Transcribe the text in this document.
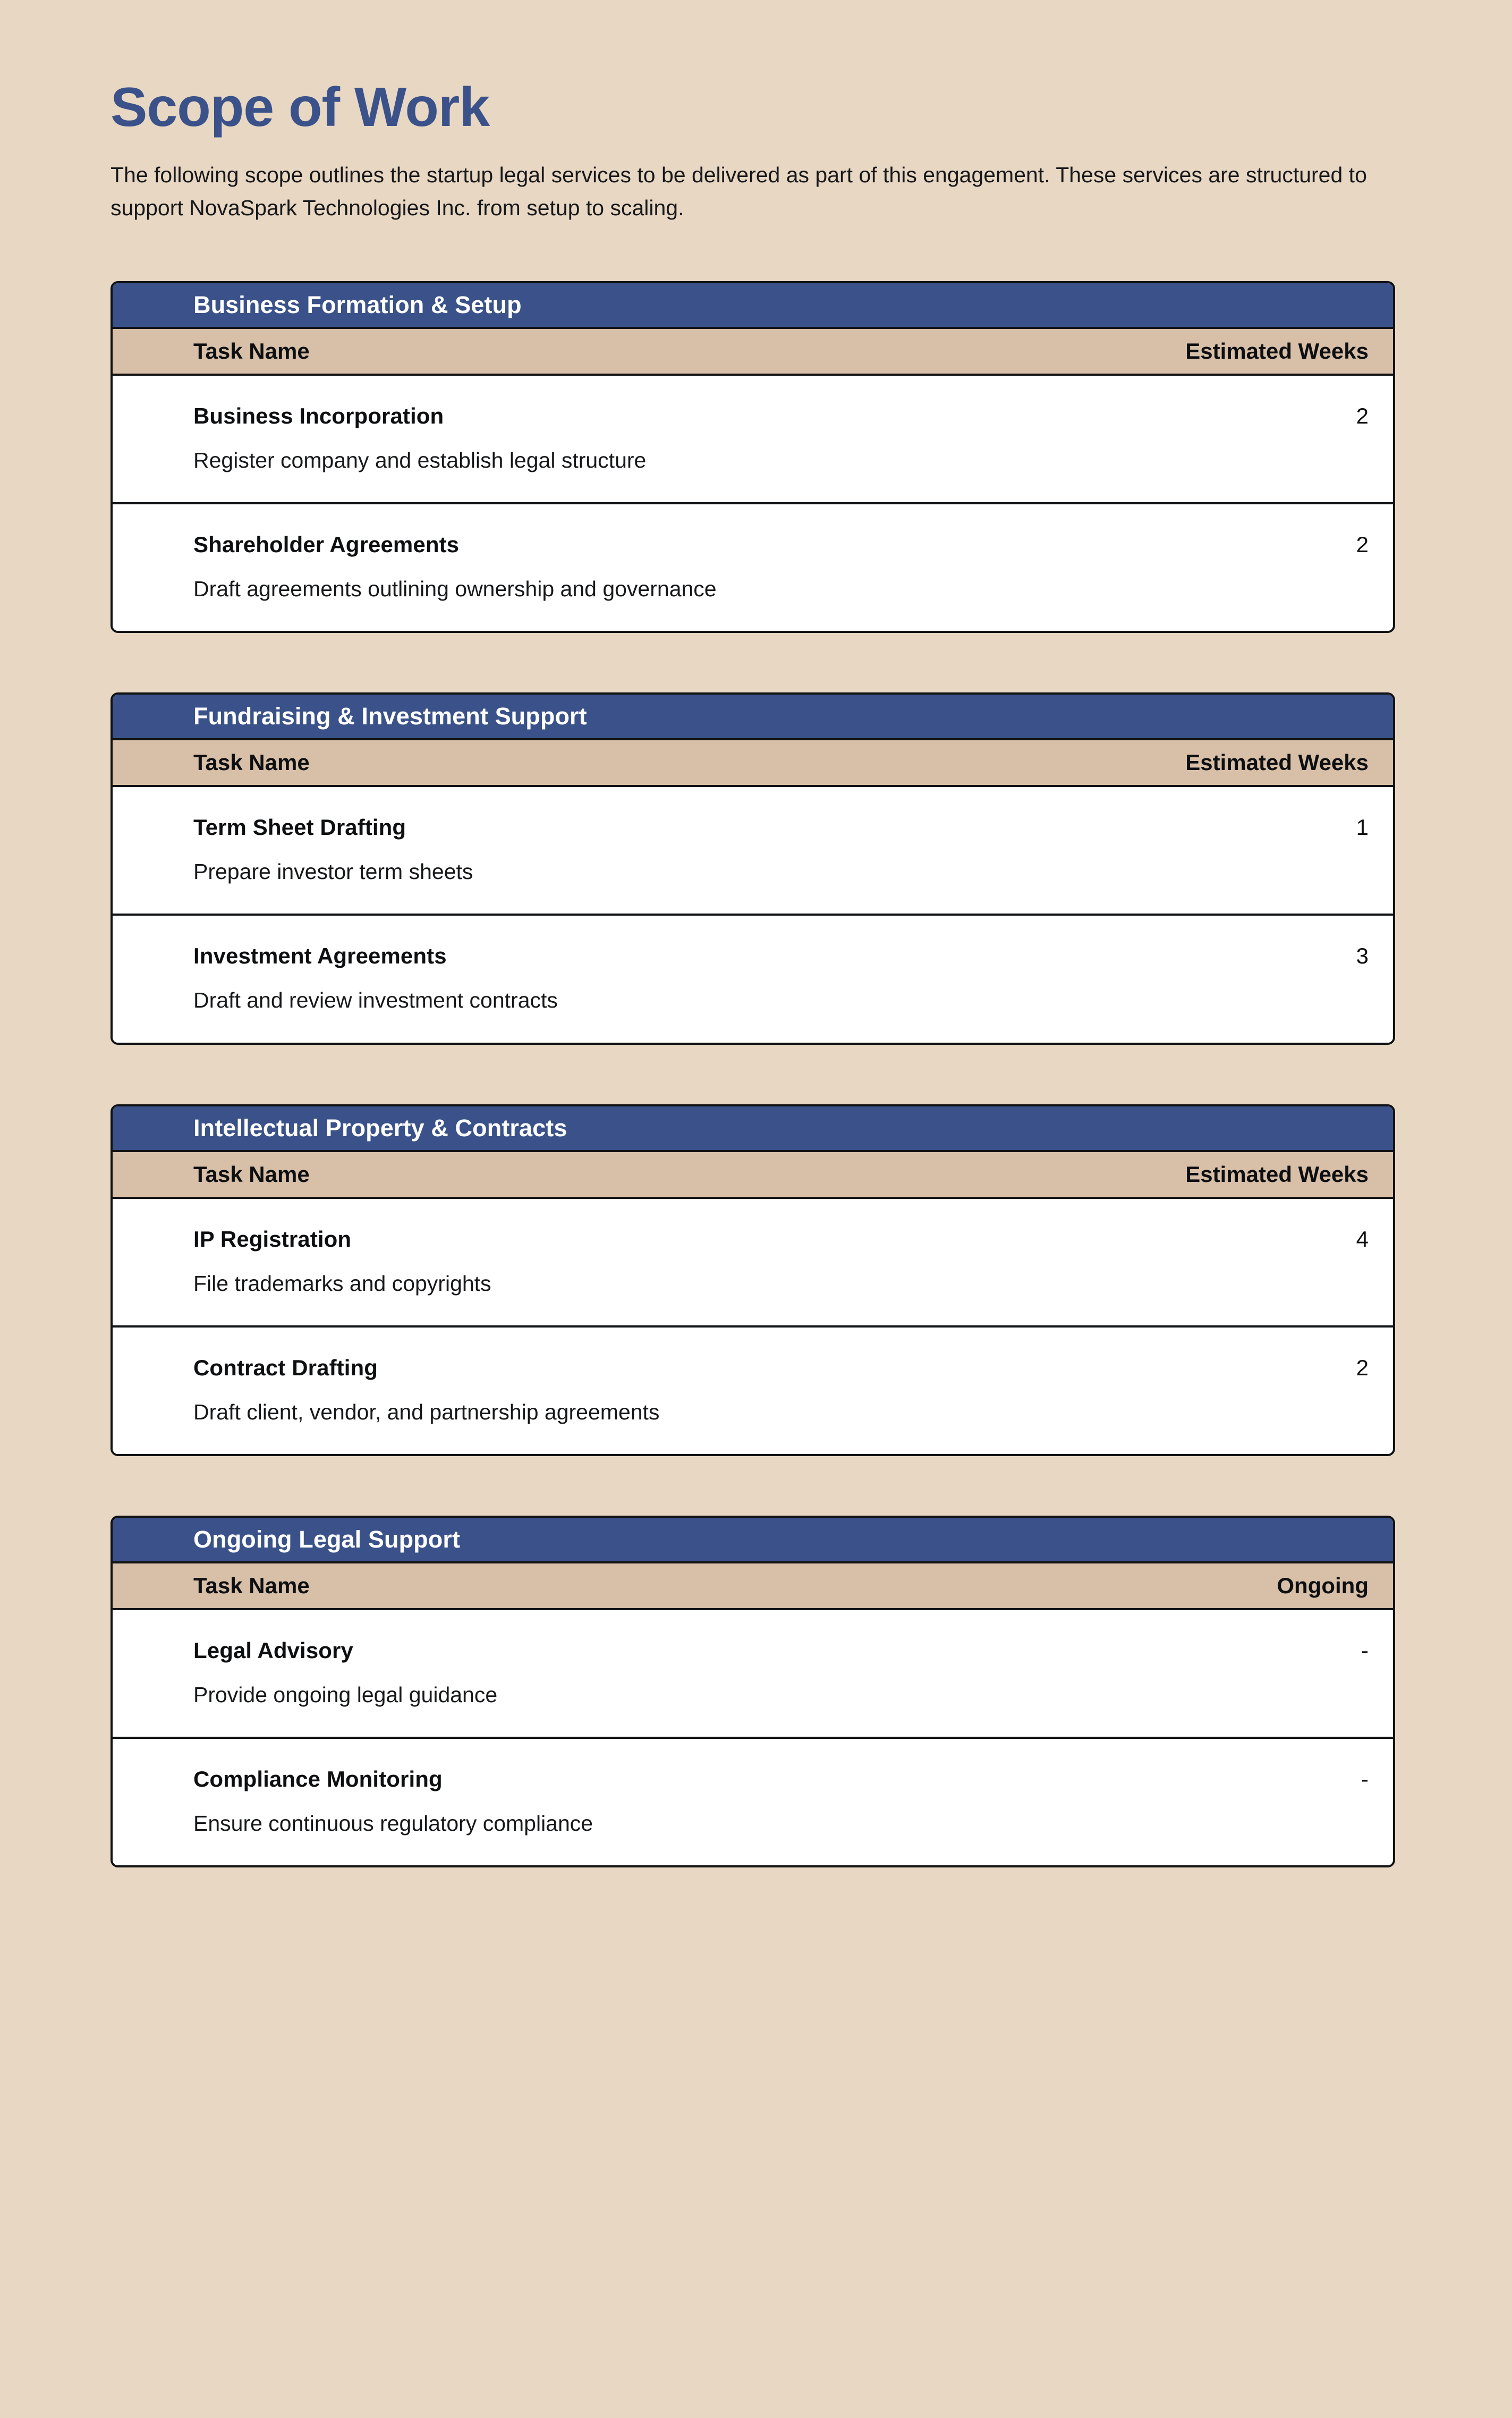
Scope of Work

The following scope outlines the startup legal services to be delivered as part of this engagement. These services are structured to support NovaSpark Technologies Inc. from setup to scaling.

Business Formation & Setup
Task Name	Estimated Weeks
Business Incorporation	2
Register company and establish legal structure
Shareholder Agreements	2
Draft agreements outlining ownership and governance
Fundraising & Investment Support
Task Name	Estimated Weeks
Term Sheet Drafting	1
Prepare investor term sheets
Investment Agreements	3
Draft and review investment contracts
Intellectual Property & Contracts
Task Name	Estimated Weeks
IP Registration	4
File trademarks and copyrights
Contract Drafting	2
Draft client, vendor, and partnership agreements
Ongoing Legal Support
Task Name	Ongoing
Legal Advisory	-
Provide ongoing legal guidance
Compliance Monitoring	-
Ensure continuous regulatory compliance
